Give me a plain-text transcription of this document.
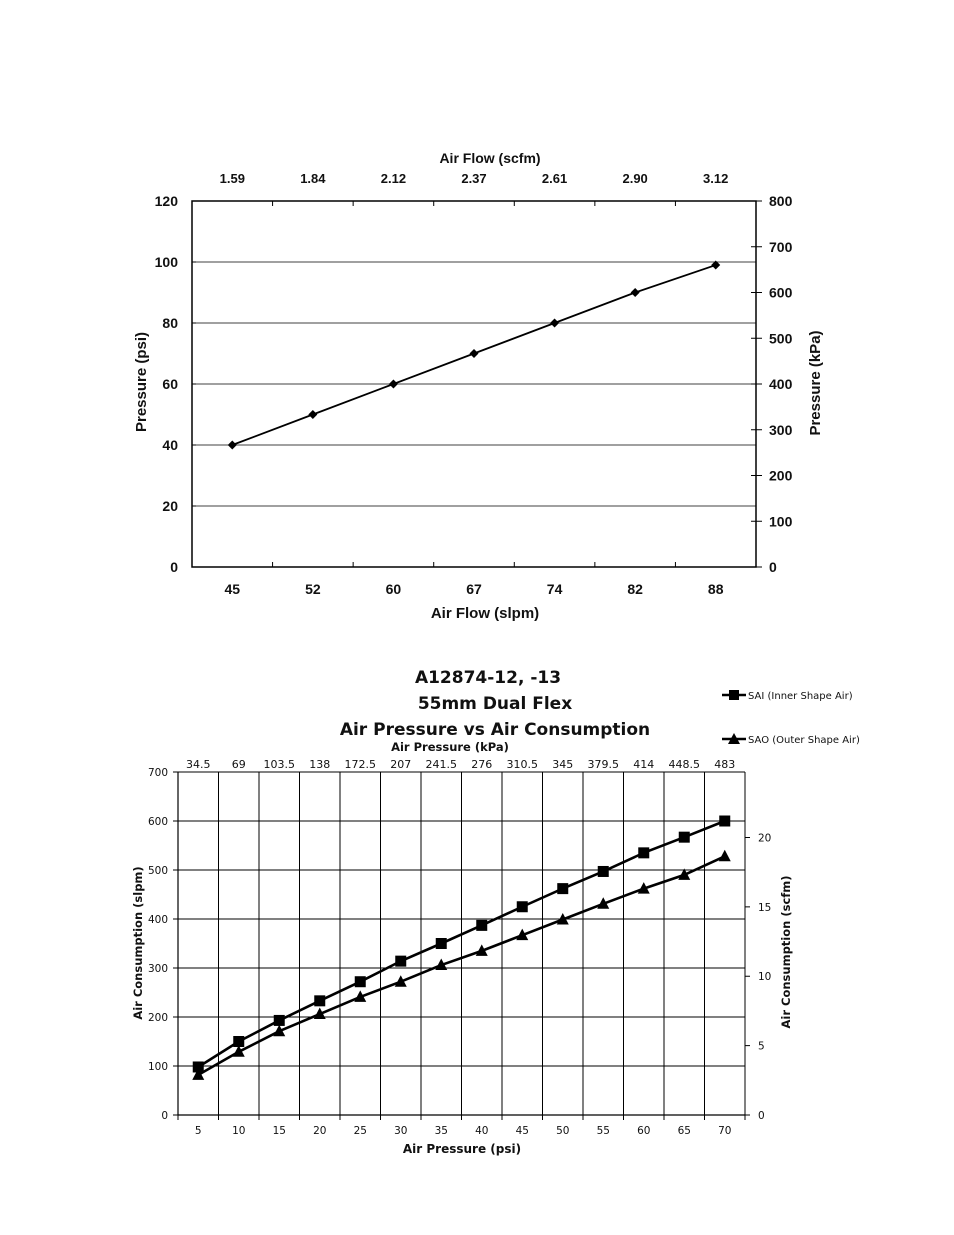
0
20
40
60
80
100
120
0
100
200
300
400
500
600
700
800
45	52	60	67	74	82	88
1.59	1.84	2.12	2.37	2.61	2.90	3.12
Air Flow (scfm)
Air Flow (slpm)
Pressure (psi)	Pressure (kPa)
A12874-12, -13
55mm Dual Flex
Air Pressure vs Air Consumption
Air Pressure (kPa)
SAI (Inner Shape Air)
SAO (Outer Shape Air)
0
100
200
300
400
500
600
700
0
5
10
15
20
5	10	15	20	25	30	35	40	45	50	55	60	65	70
34.5 69 103.5 138 172.5 207 241.5 276 310.5 345 379.5 414 448.5 483
Air Pressure (psi)
Air Consumption (slpm)	Air Consumption (scfm)
